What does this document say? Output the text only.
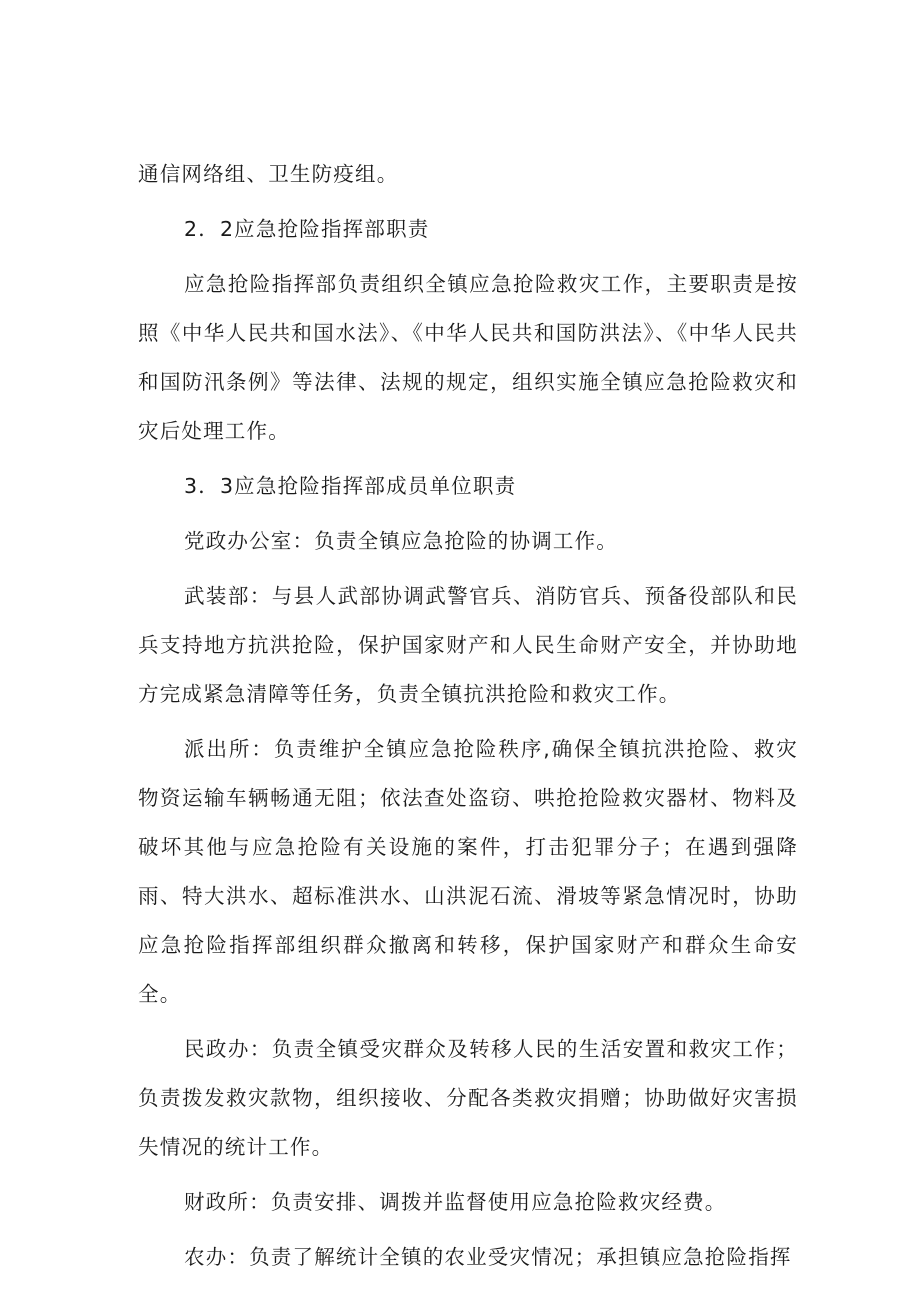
通信网络组、卫生防疫组。

2．2应急抢险指挥部职责

应急抢险指挥部负责组织全镇应急抢险救灾工作，主要职责是按照《中华人民共和国水法》、《中华人民共和国防洪法》、《中华人民共和国防汛条例》等法律、法规的规定，组织实施全镇应急抢险救灾和灾后处理工作。

3．3应急抢险指挥部成员单位职责

党政办公室：负责全镇应急抢险的协调工作。

武装部：与县人武部协调武警官兵、消防官兵、预备役部队和民兵支持地方抗洪抢险，保护国家财产和人民生命财产安全，并协助地方完成紧急清障等任务，负责全镇抗洪抢险和救灾工作。

派出所：负责维护全镇应急抢险秩序,确保全镇抗洪抢险、救灾物资运输车辆畅通无阻；依法查处盗窃、哄抢抢险救灾器材、物料及破坏其他与应急抢险有关设施的案件，打击犯罪分子；在遇到强降雨、特大洪水、超标准洪水、山洪泥石流、滑坡等紧急情况时，协助应急抢险指挥部组织群众撤离和转移，保护国家财产和群众生命安全。

民政办：负责全镇受灾群众及转移人民的生活安置和救灾工作；负责拨发救灾款物，组织接收、分配各类救灾捐赠；协助做好灾害损失情况的统计工作。

财政所：负责安排、调拨并监督使用应急抢险救灾经费。

农办：负责了解统计全镇的农业受灾情况；承担镇应急抢险指挥
